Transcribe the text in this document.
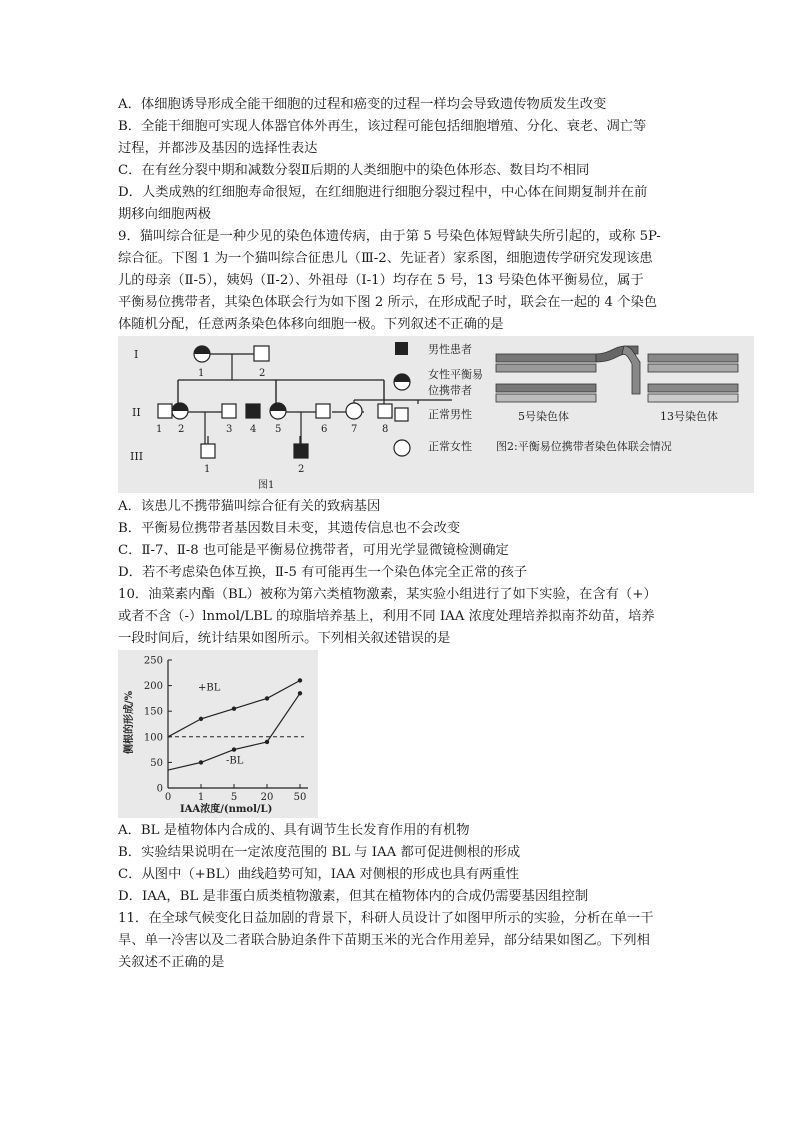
A．体细胞诱导形成全能干细胞的过程和癌变的过程一样均会导致遗传物质发生改变
B．全能干细胞可实现人体器官体外再生，该过程可能包括细胞增殖、分化、衰老、凋亡等
过程，并都涉及基因的选择性表达
C．在有丝分裂中期和减数分裂Ⅱ后期的人类细胞中的染色体形态、数目均不相同
D．人类成熟的红细胞寿命很短，在红细胞进行细胞分裂过程中，中心体在间期复制并在前
期移向细胞两极
9．猫叫综合征是一种少见的染色体遗传病，由于第 5 号染色体短臂缺失所引起的，或称 5P-
综合征。下图 1 为一个猫叫综合征患儿（Ⅲ-2、先证者）家系图，细胞遗传学研究发现该患
儿的母亲（Ⅱ-5），姨妈（Ⅱ-2）、外祖母（I-1）均存在 5 号，13 号染色体平衡易位，属于
平衡易位携带者，其染色体联会行为如下图 2 所示，在形成配子时，联会在一起的 4 个染色
体随机分配，任意两条染色体移向细胞一极。下列叙述不正确的是
I
II
III
1	2
1 2	3 4 5	6 7 8
1	2
图1
男性患者
女性平衡易
位携带者
正常男性
正常女性
5号染色体	13号染色体
图2:平衡易位携带者染色体联会情况
A．该患儿不携带猫叫综合征有关的致病基因
B．平衡易位携带者基因数目未变，其遗传信息也不会改变
C．Ⅱ-7、Ⅱ-8 也可能是平衡易位携带者，可用光学显微镜检测确定
D．若不考虑染色体互换，Ⅱ-5 有可能再生一个染色体完全正常的孩子
10．油菜素内酯（BL）被称为第六类植物激素，某实验小组进行了如下实验，在含有（+）
或者不含（-）lnmol/LBL 的琼脂培养基上，利用不同 IAA 浓度处理培养拟南芥幼苗，培养
一段时间后，统计结果如图所示。下列相关叙述错误的是
0
50
100
150
200
250
0	1	5 20 50
+BL
-BL
侧根的形成/%
IAA浓度/(nmol/L)
A．BL 是植物体内合成的、具有调节生长发育作用的有机物
B．实验结果说明在一定浓度范围的 BL 与 IAA 都可促进侧根的形成
C．从图中（+BL）曲线趋势可知，IAA 对侧根的形成也具有两重性
D．IAA，BL 是非蛋白质类植物激素，但其在植物体内的合成仍需要基因组控制
11．在全球气候变化日益加剧的背景下，科研人员设计了如图甲所示的实验，分析在单一干
旱、单一冷害以及二者联合胁迫条件下苗期玉米的光合作用差异，部分结果如图乙。下列相
关叙述不正确的是
